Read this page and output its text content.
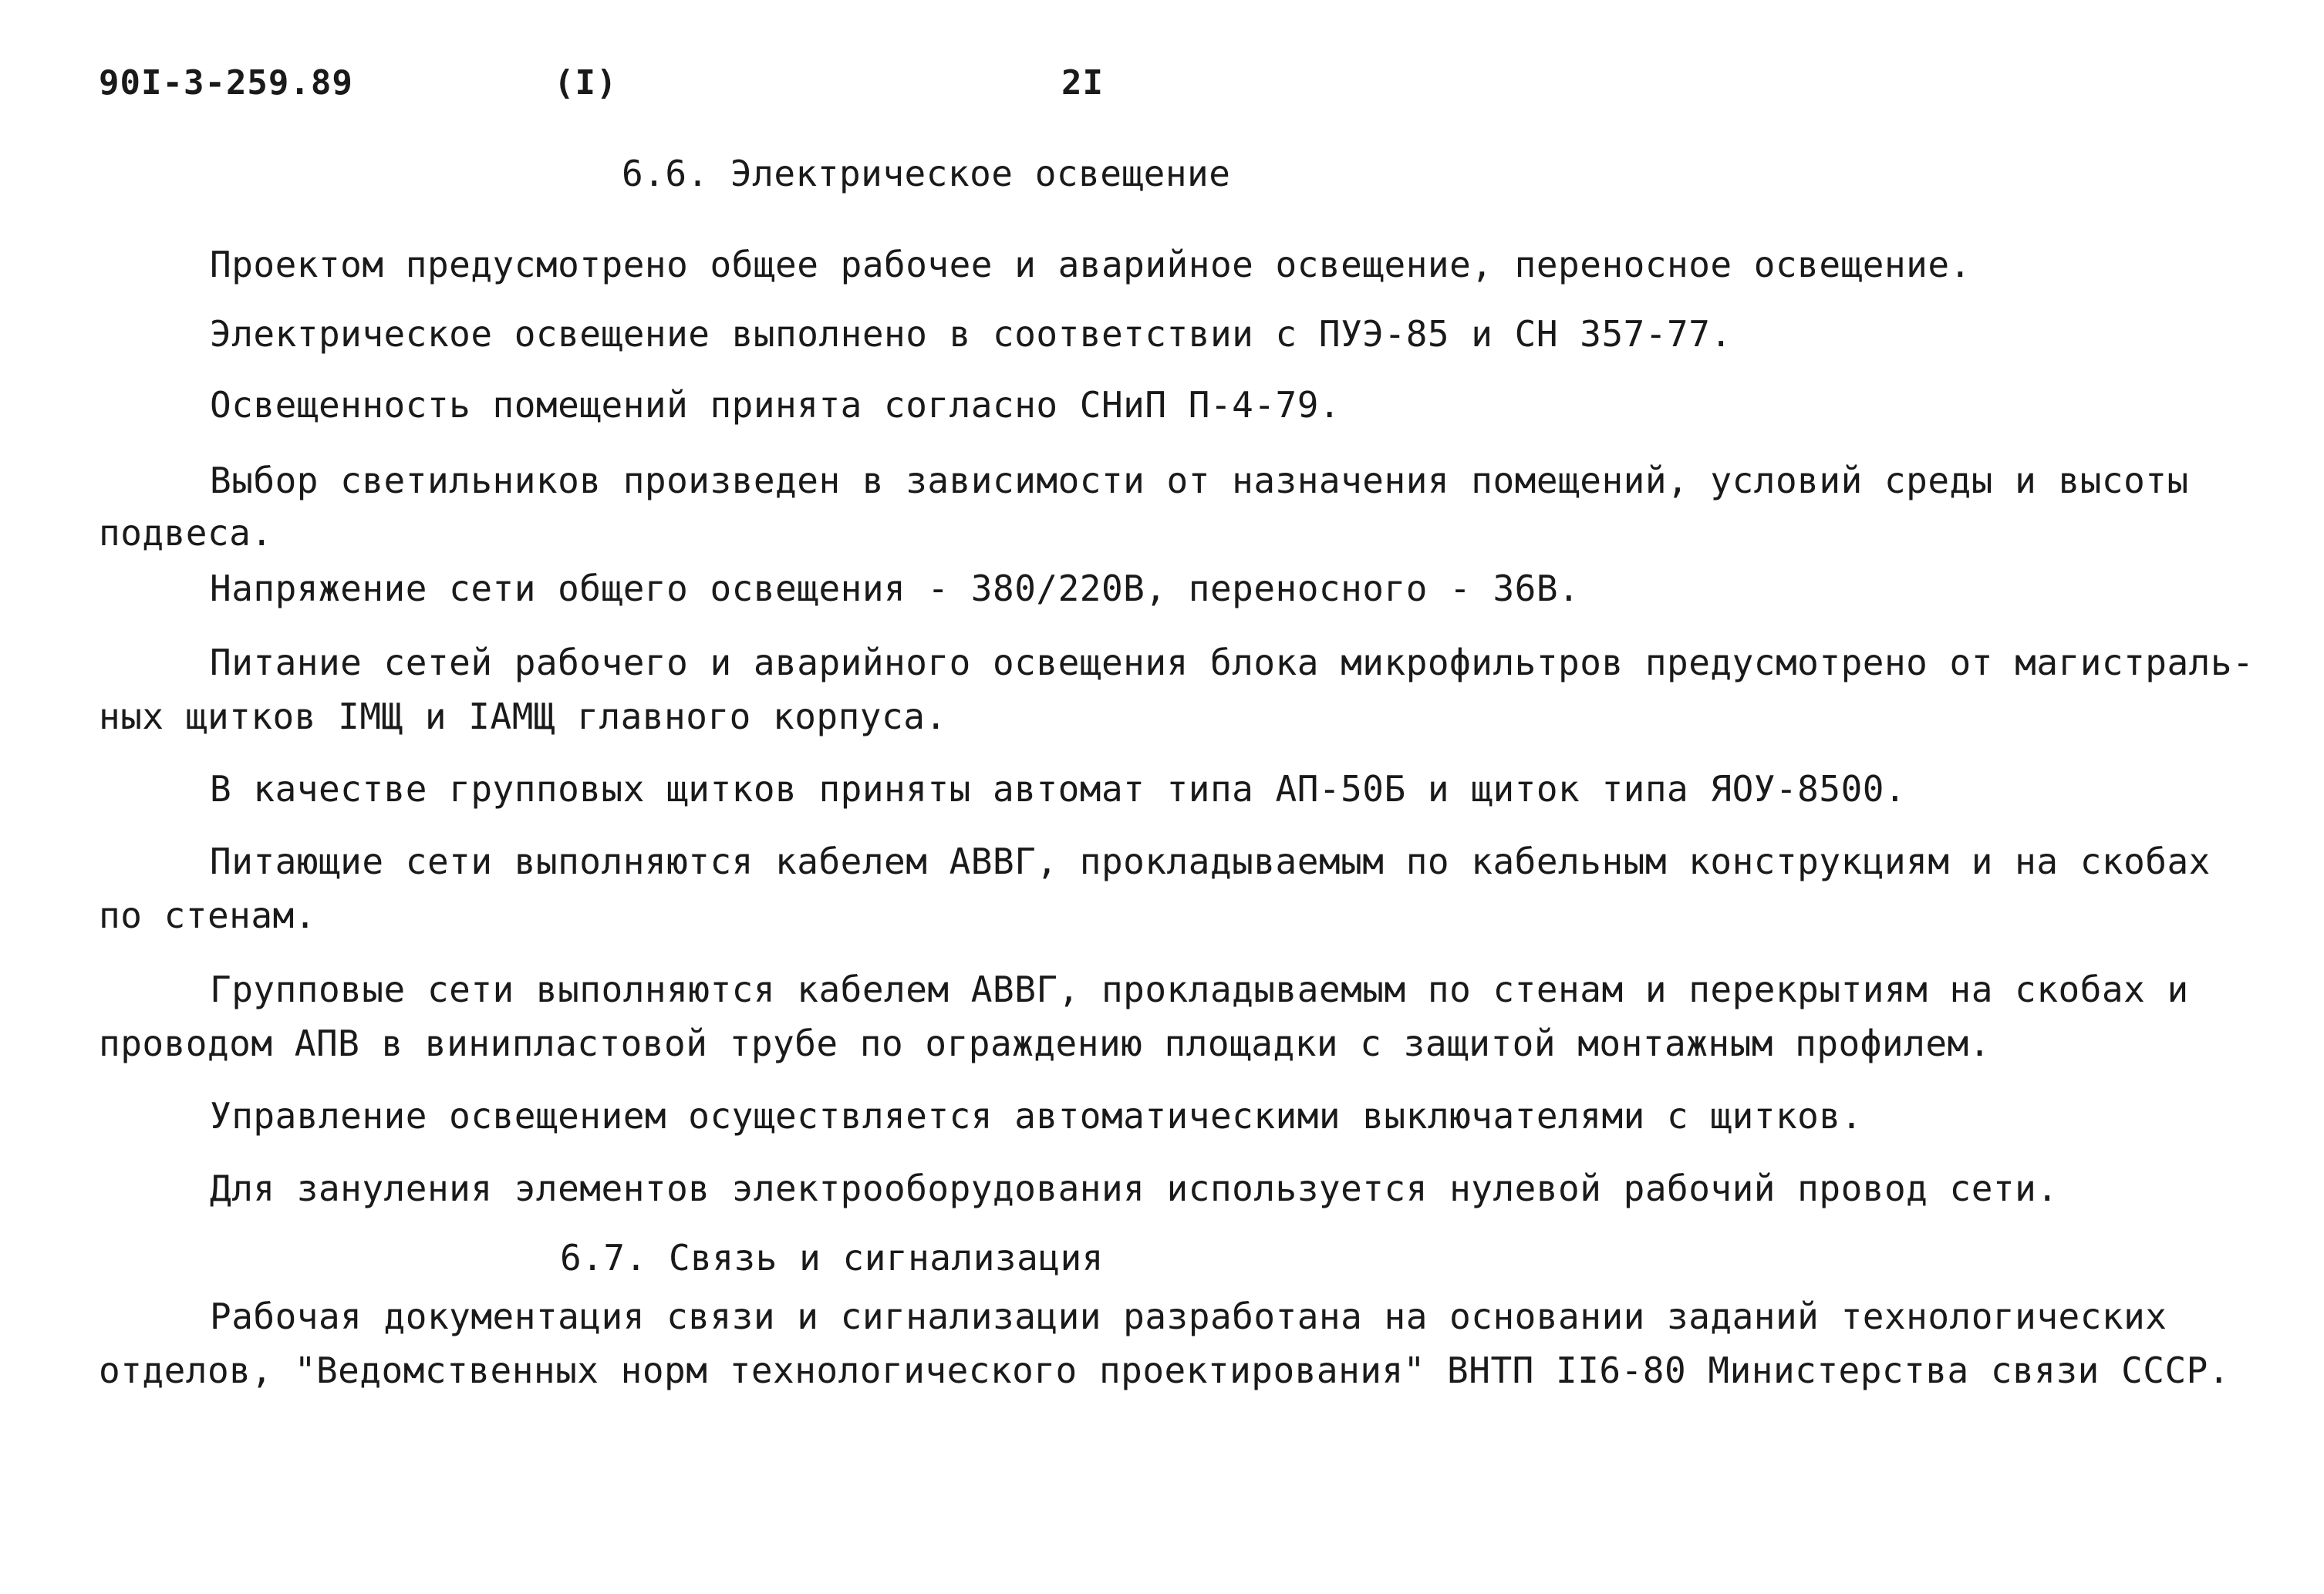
90I-3-259.89	(I)	2I
6.6. Электрическое освещение
Проектом предусмотрено общее рабочее и аварийное освещение, переносное освещение.
Электрическое освещение выполнено в соответствии с ПУЭ-85 и СН 357-77.
Освещенность помещений принята согласно СНиП П-4-79.
Выбор светильников произведен в зависимости от назначения помещений, условий среды и высоты
подвеса.
Напряжение сети общего освещения - 380/220В, переносного - 36В.
Питание сетей рабочего и аварийного освещения блока микрофильтров предусмотрено от магистраль-
ных щитков IМЩ и IАМЩ главного корпуса.
В качестве групповых щитков приняты автомат типа АП-50Б и щиток типа ЯОУ-8500.
Питающие сети выполняются кабелем АВВГ, прокладываемым по кабельным конструкциям и на скобах
по стенам.
Групповые сети выполняются кабелем АВВГ, прокладываемым по стенам и перекрытиям на скобах и
проводом АПВ в винипластовой трубе по ограждению площадки с защитой монтажным профилем.
Управление освещением осуществляется автоматическими выключателями с щитков.
Для зануления элементов электрооборудования используется нулевой рабочий провод сети.
6.7. Связь и сигнализация
Рабочая документация связи и сигнализации разработана на основании заданий технологических
отделов, "Ведомственных норм технологического проектирования" ВНТП II6-80 Министерства связи СССР.
